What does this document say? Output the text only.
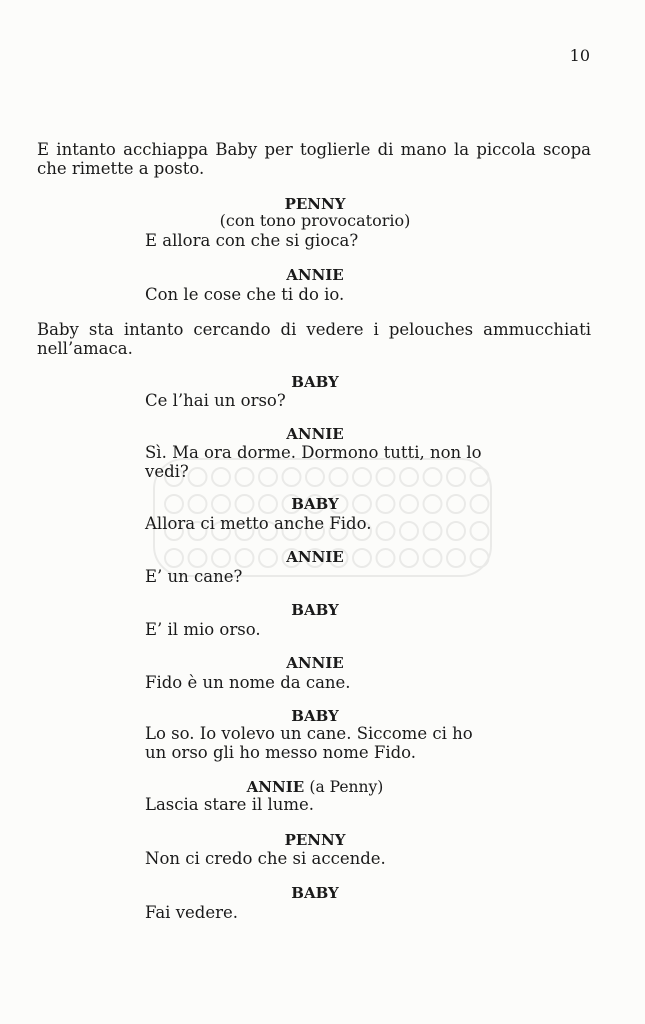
10

E intanto acchiappa Baby per toglierle di mano la piccola scopa che rimette a posto.

PENNY

(con tono provocatorio)

E allora con che si gioca?

ANNIE

Con le cose che ti do io.

Baby sta intanto cercando di vedere i pelouches ammucchiati nell’amaca.

BABY

Ce l’hai un orso?

ANNIE

Sì. Ma ora dorme. Dormono tutti, non lo vedi?

BABY

Allora ci metto anche Fido.

ANNIE

E’ un cane?

BABY

E’ il mio orso.

ANNIE

Fido è un nome da cane.

BABY

Lo so. Io volevo un cane. Siccome ci ho un orso gli ho messo nome Fido.

ANNIE (a Penny)

Lascia stare il lume.

PENNY

Non ci credo che si accende.

BABY

Fai vedere.
